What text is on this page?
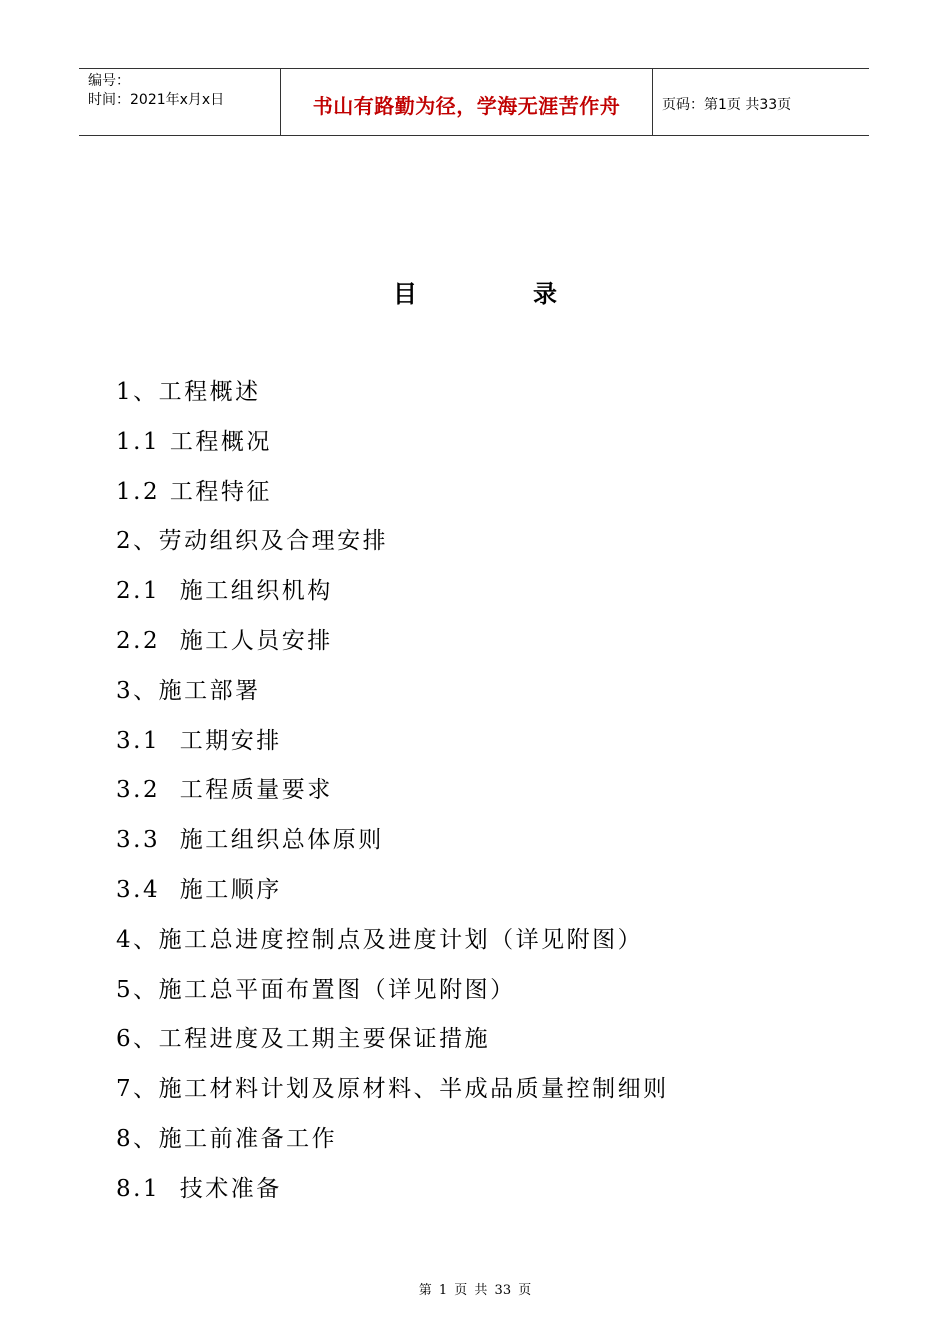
编号：
时间：2021年x月x日	书山有路勤为径，学海无涯苦作舟	页码：第1页 共33页
目录
1、工程概述
1.1 工程概况
1.2 工程特征
2、劳动组织及合理安排
2.1  施工组织机构
2.2  施工人员安排
3、施工部署
3.1  工期安排
3.2  工程质量要求
3.3  施工组织总体原则
3.4  施工顺序
4、施工总进度控制点及进度计划（详见附图）
5、施工总平面布置图（详见附图）
6、工程进度及工期主要保证措施
7、施工材料计划及原材料、半成品质量控制细则
8、施工前准备工作
8.1  技术准备
第 1 页 共 33 页
